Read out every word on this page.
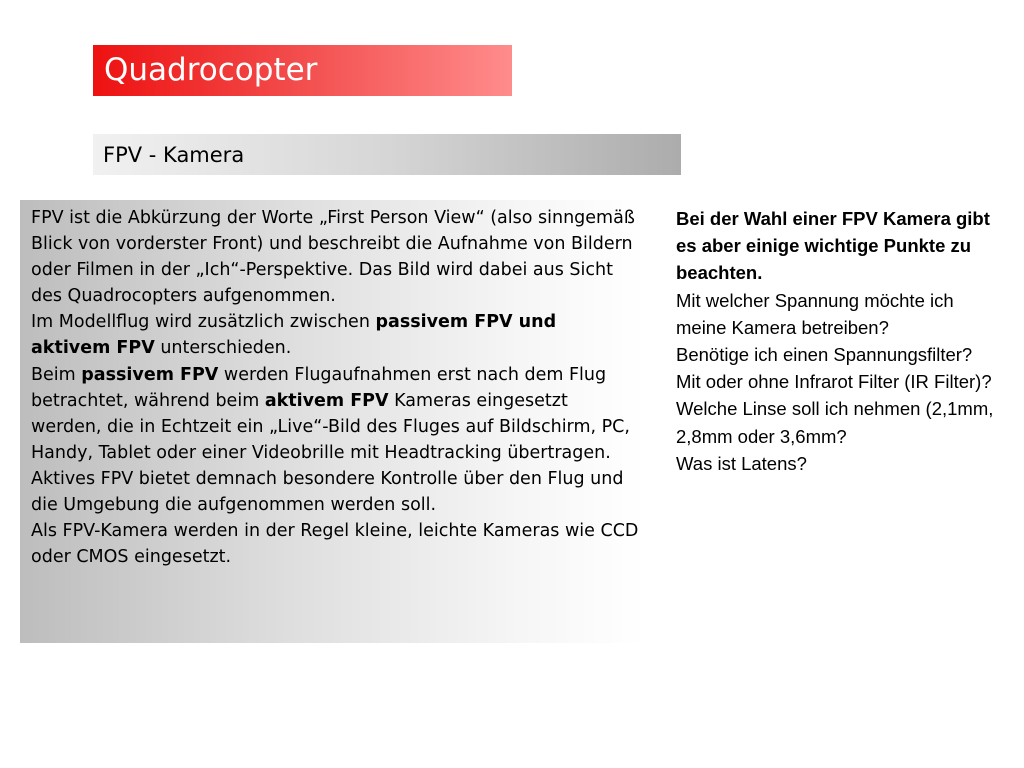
Quadrocopter
FPV - Kamera

FPV ist die Abkürzung der Worte „First Person View“ (also sinngemäß Blick von vorderster Front) und beschreibt die Aufnahme von Bildern oder Filmen in der „Ich“-Perspektive. Das Bild wird dabei aus Sicht des Quadrocopters aufgenommen.
Im Modellflug wird zusätzlich zwischen passivem FPV und aktivem FPV unterschieden.
Beim passivem FPV werden Flugaufnahmen erst nach dem Flug betrachtet, während beim aktivem FPV Kameras eingesetzt werden, die in Echtzeit ein „Live“-Bild des Fluges auf Bildschirm, PC, Handy, Tablet oder einer Videobrille mit Headtracking übertragen.
Aktives FPV bietet demnach besondere Kontrolle über den Flug und die Umgebung die aufgenommen werden soll.
Als FPV-Kamera werden in der Regel kleine, leichte Kameras wie CCD oder CMOS eingesetzt.

Bei der Wahl einer FPV Kamera gibt es aber einige wichtige Punkte zu beachten.
Mit welcher Spannung möchte ich meine Kamera betreiben?
Benötige ich einen Spannungsfilter?
Mit oder ohne Infrarot Filter (IR Filter)?
Welche Linse soll ich nehmen (2,1mm, 2,8mm oder 3,6mm?
Was ist Latens?
